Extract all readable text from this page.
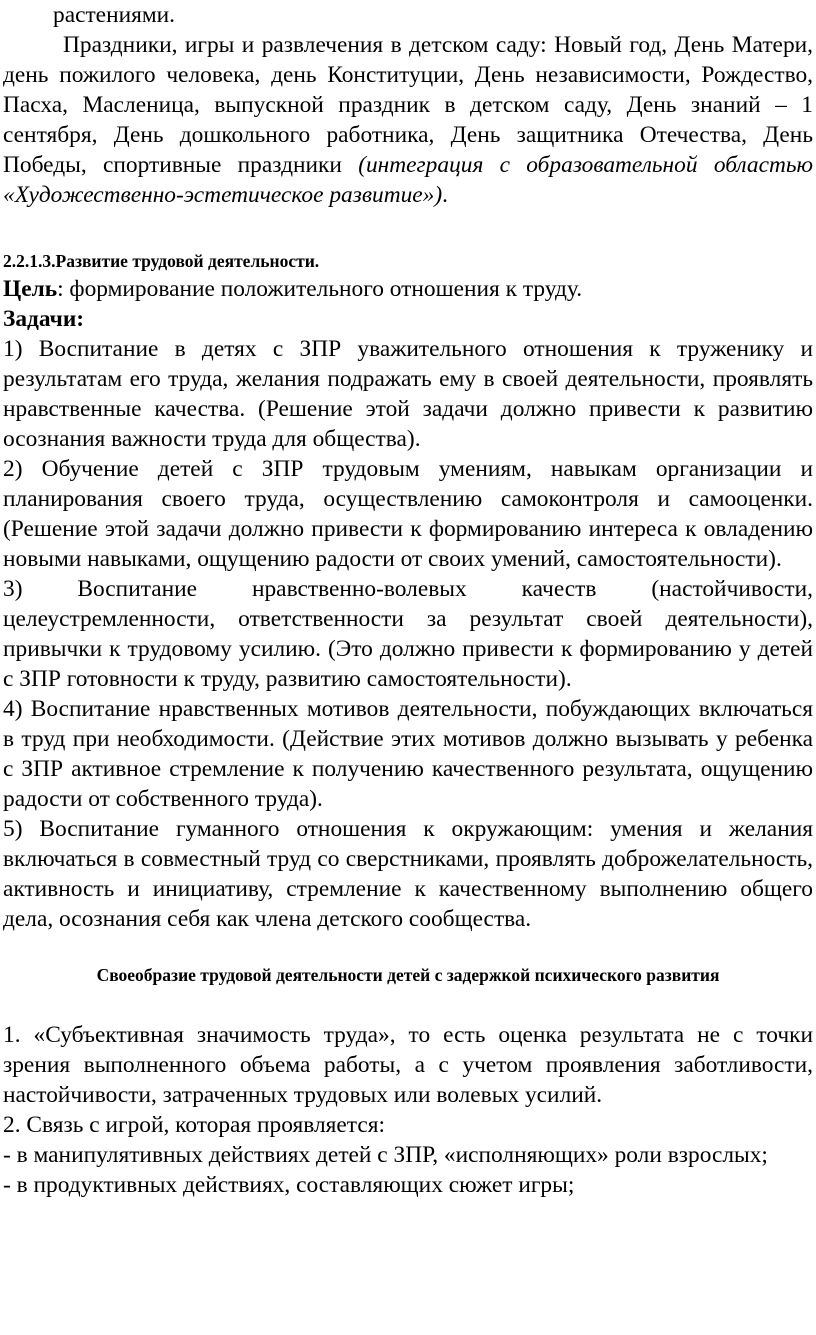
растениями.

Праздники, игры и развлечения в детском саду: Новый год, День Матери, день пожилого человека, день Конституции, День независимости, Рождество, Пасха, Масленица, выпускной праздник в детском саду, День знаний – 1 сентября, День дошкольного работника, День защитника Отечества, День Победы, спортивные праздники (интеграция с образовательной областью «Художественно-эстетическое развитие»).

2.2.1.3.Развитие трудовой деятельности.

Цель: формирование положительного отношения к труду.

Задачи:

1) Воспитание в детях с ЗПР уважительного отношения к труженику и результатам его труда, желания подражать ему в своей деятельности, проявлять нравственные качества. (Решение этой задачи должно привести к развитию осознания важности труда для общества).

2) Обучение детей с ЗПР трудовым умениям, навыкам организации и планирования своего труда, осуществлению самоконтроля и самооценки. (Решение этой задачи должно привести к формированию интереса к овладению новыми навыками, ощущению радости от своих умений, самостоятельности).

3) Воспитание нравственно-волевых качеств (настойчивости, целеустремленности, ответственности за результат своей деятельности), привычки к трудовому усилию. (Это должно привести к формированию у детей с ЗПР готовности к труду, развитию самостоятельности).

4) Воспитание нравственных мотивов деятельности, побуждающих включаться в труд при необходимости. (Действие этих мотивов должно вызывать у ребенка с ЗПР активное стремление к получению качественного результата, ощущению радости от собственного труда).

5) Воспитание гуманного отношения к окружающим: умения и желания включаться в совместный труд со сверстниками, проявлять доброжелательность, активность и инициативу, стремление к качественному выполнению общего дела, осознания себя как члена детского сообщества.

Своеобразие трудовой деятельности детей с задержкой психического развития

1. «Субъективная значимость труда», то есть оценка результата не с точки зрения выполненного объема работы, а с учетом проявления заботливости, настойчивости, затраченных трудовых или волевых усилий.

2. Связь с игрой, которая проявляется:

- в манипулятивных действиях детей с ЗПР, «исполняющих» роли взрослых;

- в продуктивных действиях, составляющих сюжет игры;
